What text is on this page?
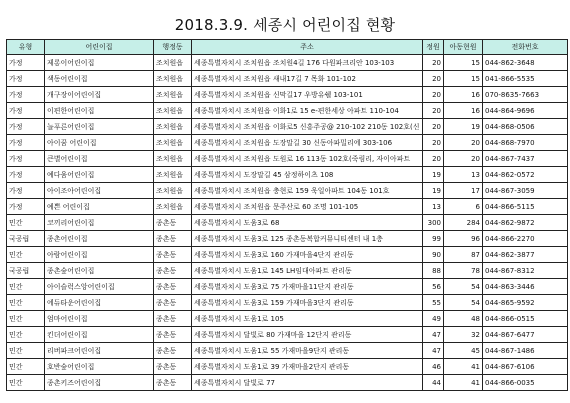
2018.3.9. 세종시 어린이집 현황
유형	어린이집	행정동	주소	정원	아동현원	전화번호
가정	제롱이어린이집	조치원읍	세종특별자치시 조치원읍 조치원4길 176 다원파크리안 103-103	20	15	044-862-3648
가정	색동어린이집	조치원읍	세종특별자치시 조치원읍 새내17길 7 목화 101-102	20	15	041-866-5535
가정	개구장이어린이집	조치원읍	세종특별자치시 조치원읍 신막길17 우방유쉘 103-101	20	16	070-8635-7663
가정	이편한어린이집	조치원읍	세종특별자치시 조치원읍 이화1로 15 e-편한세상 아파트 110-104	20	16	044-864-9696
가정	늘푸른어린이집	조치원읍	세종특별자치시 조치원읍 이화로5 신흥주공@ 210-102 210동 102호(신	20	19	044-868-0506
가정	아이꿈 어린이집	조치원읍	세종특별자치시 조치원읍 도장말길 30 신동아파밀리에 303-106	20	20	044-868-7970
가정	큰별어린이집	조치원읍	세종특별자치시 조치원읍 도원로 16 113동 102호(죽림리, 자이아파트	20	20	044-867-7437
가정	예다움어린이집	조치원읍	세종특별자치시 도장말길 45 삼정하이츠 108	19	13	044-862-0572
가정	아이조아어린이집	조치원읍	세종특별자치시 조치원읍 충현로 159 욱일아파트 104동 101호	19	17	044-867-3059
가정	예쁜 어린이집	조치원읍	세종특별자치시 조치원읍 문주산로 60 조명 101-105	13	6	044-866-5115
민간	코끼리어린이집	종촌동	세종특별자치시 도움3로 68	300	284	044-862-9872
국공립	종촌어린이집	종촌동	세종특별자치시 도움3로 125 종촌동복합커뮤니티센터 내 1층	99	96	044-866-2270
민간	아람어린이집	종촌동	세종특별자치시 도움3로 160 가재마을4단지 관리동	90	87	044-862-3877
국공립	종촌숲어린이집	종촌동	세종특별자치시 도움1로 145 LH임대아파트 관리동	88	78	044-867-8312
민간	아이슬럭스앙어린이집	종촌동	세종특별자치시 도움3로 75 가재마을11단지 관리동	56	54	044-863-3446
민간	에듀타운어린이집	종촌동	세종특별자치시 도움3로 159 가재마을3단지 관리동	55	54	044-865-9592
민간	엄마어린이집	종촌동	세종특별자치시 도움1로 105	49	48	044-866-0515
민간	킨더어린이집	종촌동	세종특별자치시 달빛로 80 가재마을 12단지 관리동	47	32	044-867-6477
민간	리버파크어린이집	종촌동	세종특별자치시 도움1로 55 가재마을9단지 관리동	47	45	044-867-1486
민간	호반숲어린이집	종촌동	세종특별자치시 도움1로 39 가재마을2단지 관리동	46	41	044-867-6106
민간	종촌키즈어린이집	종촌동	세종특별자치시 달빛로 77	44	41	044-866-0035
